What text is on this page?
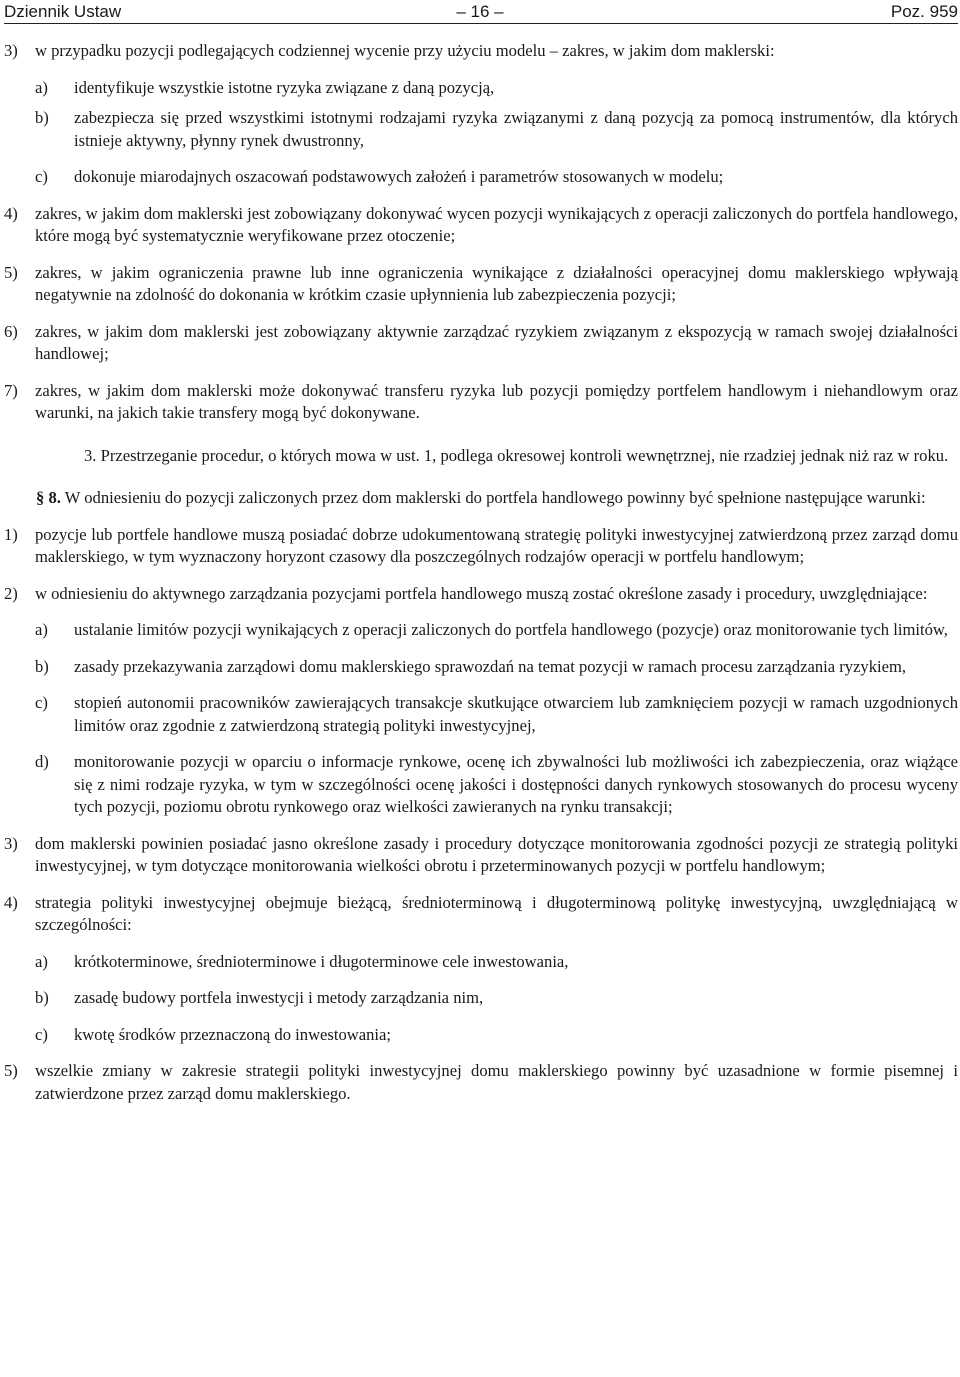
Dziennik Ustaw	– 16 –	Poz. 959
3) w przypadku pozycji podlegających codziennej wycenie przy użyciu modelu – zakres, w jakim dom maklerski:
a) identyfikuje wszystkie istotne ryzyka związane z daną pozycją,
b) zabezpiecza się przed wszystkimi istotnymi rodzajami ryzyka związanymi z daną pozycją za pomocą instrumentów, dla których istnieje aktywny, płynny rynek dwustronny,
c) dokonuje miarodajnych oszacowań podstawowych założeń i parametrów stosowanych w modelu;
4) zakres, w jakim dom maklerski jest zobowiązany dokonywać wycen pozycji wynikających z operacji zaliczonych do portfela handlowego, które mogą być systematycznie weryfikowane przez otoczenie;
5) zakres, w jakim ograniczenia prawne lub inne ograniczenia wynikające z działalności operacyjnej domu maklerskiego wpływają negatywnie na zdolność do dokonania w krótkim czasie upłynnienia lub zabezpieczenia pozycji;
6) zakres, w jakim dom maklerski jest zobowiązany aktywnie zarządzać ryzykiem związanym z ekspozycją w ramach swojej działalności handlowej;
7) zakres, w jakim dom maklerski może dokonywać transferu ryzyka lub pozycji pomiędzy portfelem handlowym i niehandlowym oraz warunki, na jakich takie transfery mogą być dokonywane.
3. Przestrzeganie procedur, o których mowa w ust. 1, podlega okresowej kontroli wewnętrznej, nie rzadziej jednak niż raz w roku.
§ 8. W odniesieniu do pozycji zaliczonych przez dom maklerski do portfela handlowego powinny być spełnione następujące warunki:
1) pozycje lub portfele handlowe muszą posiadać dobrze udokumentowaną strategię polityki inwestycyjnej zatwierdzoną przez zarząd domu maklerskiego, w tym wyznaczony horyzont czasowy dla poszczególnych rodzajów operacji w portfelu handlowym;
2) w odniesieniu do aktywnego zarządzania pozycjami portfela handlowego muszą zostać określone zasady i procedury, uwzględniające:
a) ustalanie limitów pozycji wynikających z operacji zaliczonych do portfela handlowego (pozycje) oraz monitorowanie tych limitów,
b) zasady przekazywania zarządowi domu maklerskiego sprawozdań na temat pozycji w ramach procesu zarządzania ryzykiem,
c) stopień autonomii pracowników zawierających transakcje skutkujące otwarciem lub zamknięciem pozycji w ramach uzgodnionych limitów oraz zgodnie z zatwierdzoną strategią polityki inwestycyjnej,
d) monitorowanie pozycji w oparciu o informacje rynkowe, ocenę ich zbywalności lub możliwości ich zabezpieczenia, oraz wiążące się z nimi rodzaje ryzyka, w tym w szczególności ocenę jakości i dostępności danych rynkowych stosowanych do procesu wyceny tych pozycji, poziomu obrotu rynkowego oraz wielkości zawieranych na rynku transakcji;
3) dom maklerski powinien posiadać jasno określone zasady i procedury dotyczące monitorowania zgodności pozycji ze strategią polityki inwestycyjnej, w tym dotyczące monitorowania wielkości obrotu i przeterminowanych pozycji w portfelu handlowym;
4) strategia polityki inwestycyjnej obejmuje bieżącą, średnioterminową i długoterminową politykę inwestycyjną, uwzględniającą w szczególności:
a) krótkoterminowe, średnioterminowe i długoterminowe cele inwestowania,
b) zasadę budowy portfela inwestycji i metody zarządzania nim,
c) kwotę środków przeznaczoną do inwestowania;
5) wszelkie zmiany w zakresie strategii polityki inwestycyjnej domu maklerskiego powinny być uzasadnione w formie pisemnej i zatwierdzone przez zarząd domu maklerskiego.
